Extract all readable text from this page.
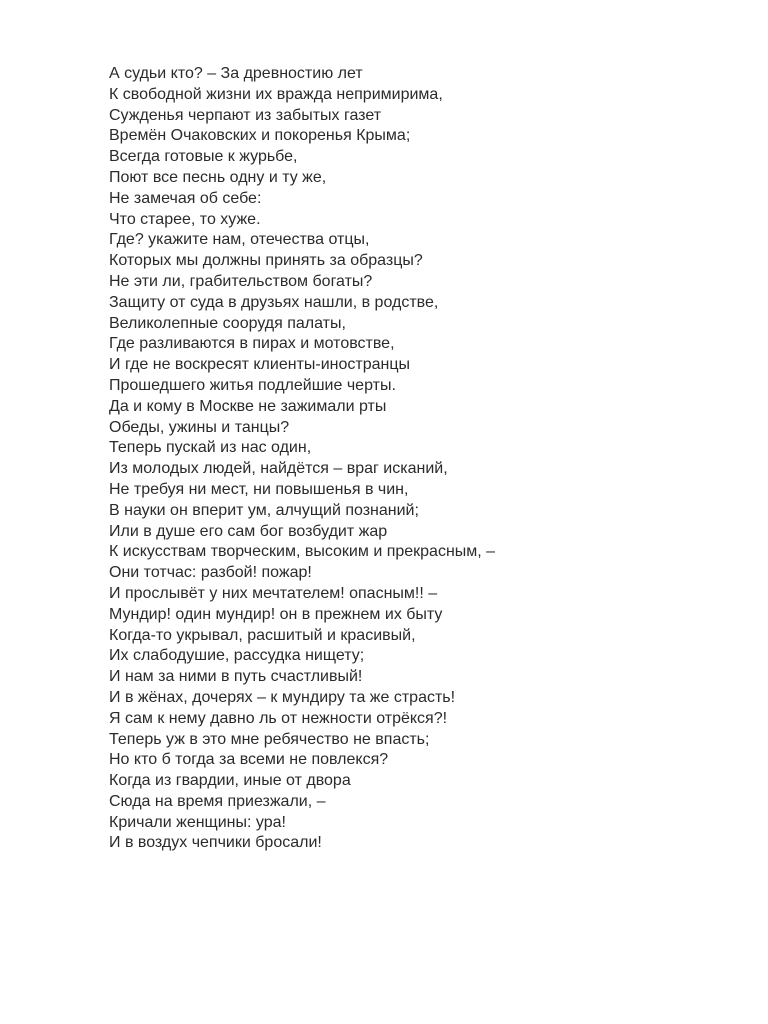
А судьи кто? – За древностию лет

К свободной жизни их вражда непримирима,

Сужденья черпают из забытых газет

Времён Очаковских и покоренья Крыма;

Всегда готовые к журьбе,

Поют все песнь одну и ту же,

Не замечая об себе:

Что старее, то хуже.

Где? укажите нам, отечества отцы,

Которых мы должны принять за образцы?

Не эти ли, грабительством богаты?

Защиту от суда в друзьях нашли, в родстве,

Великолепные соорудя палаты,

Где разливаются в пирах и мотовстве,

И где не воскресят клиенты-иностранцы

Прошедшего житья подлейшие черты.

Да и кому в Москве не зажимали рты

Обеды, ужины и танцы?

Теперь пускай из нас один,

Из молодых людей, найдётся – враг исканий,

Не требуя ни мест, ни повышенья в чин,

В науки он вперит ум, алчущий познаний;

Или в душе его сам бог возбудит жар

К искусствам творческим, высоким и прекрасным, –

Они тотчас: разбой! пожар!

И прослывёт у них мечтателем! опасным!! –

Мундир! один мундир! он в прежнем их быту

Когда-то укрывал, расшитый и красивый,

Их слабодушие, рассудка нищету;

И нам за ними в путь счастливый!

И в жёнах, дочерях – к мундиру та же страсть!

Я сам к нему давно ль от нежности отрёкся?!

Теперь уж в это мне ребячество не впасть;

Но кто б тогда за всеми не повлекся?

Когда из гвардии, иные от двора

Сюда на время приезжали, –

Кричали женщины: ура!

И в воздух чепчики бросали!
